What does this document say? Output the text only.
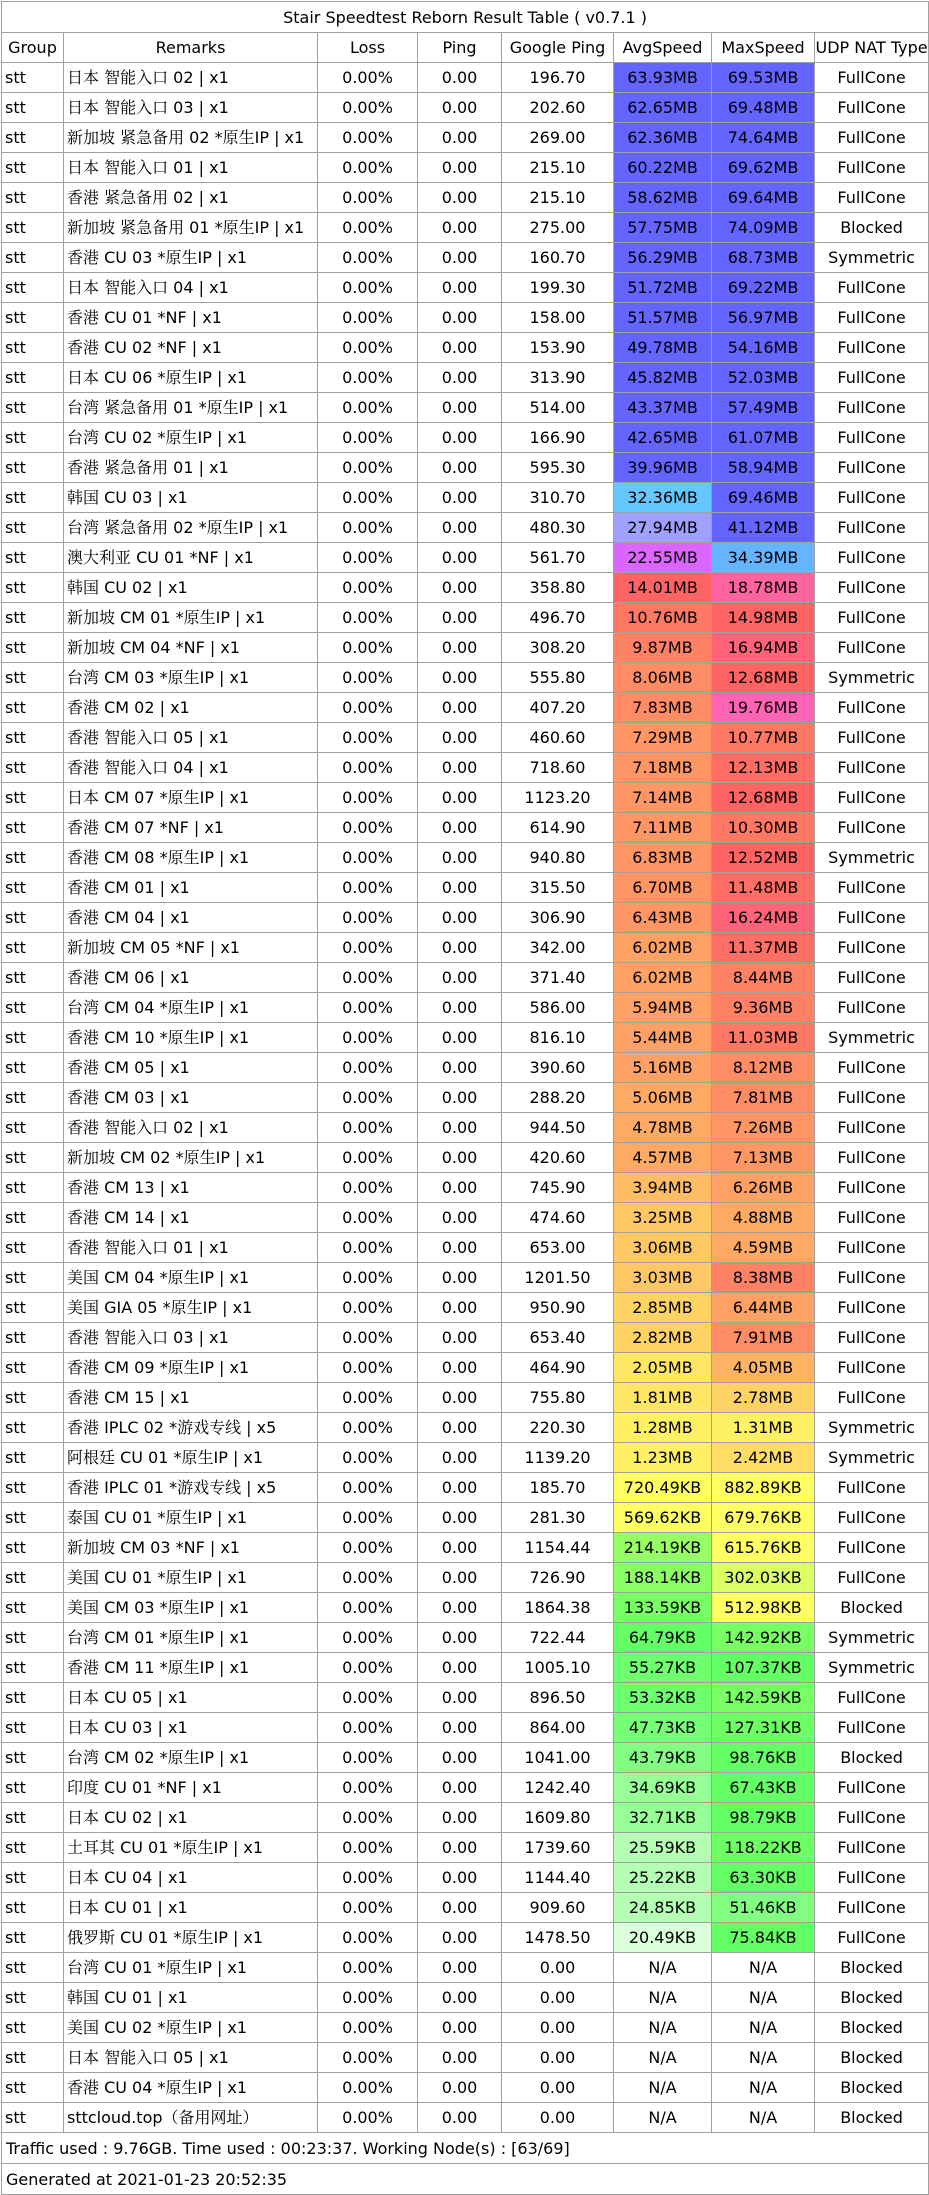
Stair Speedtest Reborn Result Table ( v0.7.1 )							
Group	Remarks	Loss	Ping	Google Ping	AvgSpeed	MaxSpeed	UDP NAT Type
stt	日本 智能入口 02 | x1	0.00%	0.00	196.70	63.93MB	69.53MB	FullCone
stt	日本 智能入口 03 | x1	0.00%	0.00	202.60	62.65MB	69.48MB	FullCone
stt	新加坡 紧急备用 02 *原生IP | x1	0.00%	0.00	269.00	62.36MB	74.64MB	FullCone
stt	日本 智能入口 01 | x1	0.00%	0.00	215.10	60.22MB	69.62MB	FullCone
stt	香港 紧急备用 02 | x1	0.00%	0.00	215.10	58.62MB	69.64MB	FullCone
stt	新加坡 紧急备用 01 *原生IP | x1	0.00%	0.00	275.00	57.75MB	74.09MB	Blocked
stt	香港 CU 03 *原生IP | x1	0.00%	0.00	160.70	56.29MB	68.73MB	Symmetric
stt	日本 智能入口 04 | x1	0.00%	0.00	199.30	51.72MB	69.22MB	FullCone
stt	香港 CU 01 *NF | x1	0.00%	0.00	158.00	51.57MB	56.97MB	FullCone
stt	香港 CU 02 *NF | x1	0.00%	0.00	153.90	49.78MB	54.16MB	FullCone
stt	日本 CU 06 *原生IP | x1	0.00%	0.00	313.90	45.82MB	52.03MB	FullCone
stt	台湾 紧急备用 01 *原生IP | x1	0.00%	0.00	514.00	43.37MB	57.49MB	FullCone
stt	台湾 CU 02 *原生IP | x1	0.00%	0.00	166.90	42.65MB	61.07MB	FullCone
stt	香港 紧急备用 01 | x1	0.00%	0.00	595.30	39.96MB	58.94MB	FullCone
stt	韩国 CU 03 | x1	0.00%	0.00	310.70	32.36MB	69.46MB	FullCone
stt	台湾 紧急备用 02 *原生IP | x1	0.00%	0.00	480.30	27.94MB	41.12MB	FullCone
stt	澳大利亚 CU 01 *NF | x1	0.00%	0.00	561.70	22.55MB	34.39MB	FullCone
stt	韩国 CU 02 | x1	0.00%	0.00	358.80	14.01MB	18.78MB	FullCone
stt	新加坡 CM 01 *原生IP | x1	0.00%	0.00	496.70	10.76MB	14.98MB	FullCone
stt	新加坡 CM 04 *NF | x1	0.00%	0.00	308.20	9.87MB	16.94MB	FullCone
stt	台湾 CM 03 *原生IP | x1	0.00%	0.00	555.80	8.06MB	12.68MB	Symmetric
stt	香港 CM 02 | x1	0.00%	0.00	407.20	7.83MB	19.76MB	FullCone
stt	香港 智能入口 05 | x1	0.00%	0.00	460.60	7.29MB	10.77MB	FullCone
stt	香港 智能入口 04 | x1	0.00%	0.00	718.60	7.18MB	12.13MB	FullCone
stt	日本 CM 07 *原生IP | x1	0.00%	0.00	1123.20	7.14MB	12.68MB	FullCone
stt	香港 CM 07 *NF | x1	0.00%	0.00	614.90	7.11MB	10.30MB	FullCone
stt	香港 CM 08 *原生IP | x1	0.00%	0.00	940.80	6.83MB	12.52MB	Symmetric
stt	香港 CM 01 | x1	0.00%	0.00	315.50	6.70MB	11.48MB	FullCone
stt	香港 CM 04 | x1	0.00%	0.00	306.90	6.43MB	16.24MB	FullCone
stt	新加坡 CM 05 *NF | x1	0.00%	0.00	342.00	6.02MB	11.37MB	FullCone
stt	香港 CM 06 | x1	0.00%	0.00	371.40	6.02MB	8.44MB	FullCone
stt	台湾 CM 04 *原生IP | x1	0.00%	0.00	586.00	5.94MB	9.36MB	FullCone
stt	香港 CM 10 *原生IP | x1	0.00%	0.00	816.10	5.44MB	11.03MB	Symmetric
stt	香港 CM 05 | x1	0.00%	0.00	390.60	5.16MB	8.12MB	FullCone
stt	香港 CM 03 | x1	0.00%	0.00	288.20	5.06MB	7.81MB	FullCone
stt	香港 智能入口 02 | x1	0.00%	0.00	944.50	4.78MB	7.26MB	FullCone
stt	新加坡 CM 02 *原生IP | x1	0.00%	0.00	420.60	4.57MB	7.13MB	FullCone
stt	香港 CM 13 | x1	0.00%	0.00	745.90	3.94MB	6.26MB	FullCone
stt	香港 CM 14 | x1	0.00%	0.00	474.60	3.25MB	4.88MB	FullCone
stt	香港 智能入口 01 | x1	0.00%	0.00	653.00	3.06MB	4.59MB	FullCone
stt	美国 CM 04 *原生IP | x1	0.00%	0.00	1201.50	3.03MB	8.38MB	FullCone
stt	美国 GIA 05 *原生IP | x1	0.00%	0.00	950.90	2.85MB	6.44MB	FullCone
stt	香港 智能入口 03 | x1	0.00%	0.00	653.40	2.82MB	7.91MB	FullCone
stt	香港 CM 09 *原生IP | x1	0.00%	0.00	464.90	2.05MB	4.05MB	FullCone
stt	香港 CM 15 | x1	0.00%	0.00	755.80	1.81MB	2.78MB	FullCone
stt	香港 IPLC 02 *游戏专线 | x5	0.00%	0.00	220.30	1.28MB	1.31MB	Symmetric
stt	阿根廷 CU 01 *原生IP | x1	0.00%	0.00	1139.20	1.23MB	2.42MB	Symmetric
stt	香港 IPLC 01 *游戏专线 | x5	0.00%	0.00	185.70	720.49KB	882.89KB	FullCone
stt	泰国 CU 01 *原生IP | x1	0.00%	0.00	281.30	569.62KB	679.76KB	FullCone
stt	新加坡 CM 03 *NF | x1	0.00%	0.00	1154.44	214.19KB	615.76KB	FullCone
stt	美国 CU 01 *原生IP | x1	0.00%	0.00	726.90	188.14KB	302.03KB	FullCone
stt	美国 CM 03 *原生IP | x1	0.00%	0.00	1864.38	133.59KB	512.98KB	Blocked
stt	台湾 CM 01 *原生IP | x1	0.00%	0.00	722.44	64.79KB	142.92KB	Symmetric
stt	香港 CM 11 *原生IP | x1	0.00%	0.00	1005.10	55.27KB	107.37KB	Symmetric
stt	日本 CU 05 | x1	0.00%	0.00	896.50	53.32KB	142.59KB	FullCone
stt	日本 CU 03 | x1	0.00%	0.00	864.00	47.73KB	127.31KB	FullCone
stt	台湾 CM 02 *原生IP | x1	0.00%	0.00	1041.00	43.79KB	98.76KB	Blocked
stt	印度 CU 01 *NF | x1	0.00%	0.00	1242.40	34.69KB	67.43KB	FullCone
stt	日本 CU 02 | x1	0.00%	0.00	1609.80	32.71KB	98.79KB	FullCone
stt	土耳其 CU 01 *原生IP | x1	0.00%	0.00	1739.60	25.59KB	118.22KB	FullCone
stt	日本 CU 04 | x1	0.00%	0.00	1144.40	25.22KB	63.30KB	FullCone
stt	日本 CU 01 | x1	0.00%	0.00	909.60	24.85KB	51.46KB	FullCone
stt	俄罗斯 CU 01 *原生IP | x1	0.00%	0.00	1478.50	20.49KB	75.84KB	FullCone
stt	台湾 CU 01 *原生IP | x1	0.00%	0.00	0.00	N/A	N/A	Blocked
stt	韩国 CU 01 | x1	0.00%	0.00	0.00	N/A	N/A	Blocked
stt	美国 CU 02 *原生IP | x1	0.00%	0.00	0.00	N/A	N/A	Blocked
stt	日本 智能入口 05 | x1	0.00%	0.00	0.00	N/A	N/A	Blocked
stt	香港 CU 04 *原生IP | x1	0.00%	0.00	0.00	N/A	N/A	Blocked
stt	sttcloud.top（备用网址）	0.00%	0.00	0.00	N/A	N/A	Blocked
Traffic used : 9.76GB. Time used : 00:23:37. Working Node(s) : [63/69]							
Generated at 2021-01-23 20:52:35							
